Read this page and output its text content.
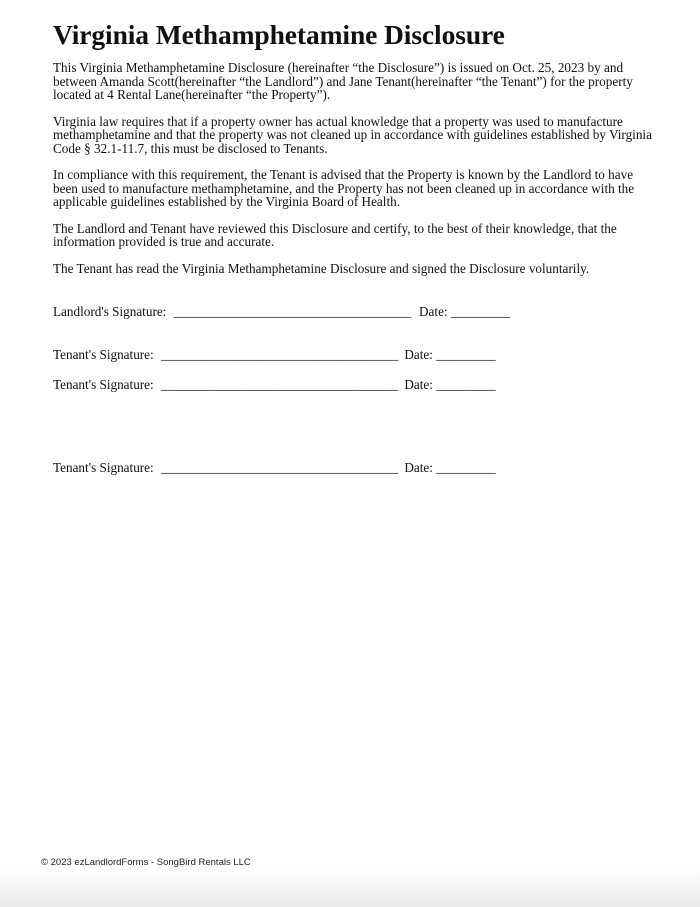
Virginia Methamphetamine Disclosure

This Virginia Methamphetamine Disclosure (hereinafter “the Disclosure”) is issued on Oct. 25, 2023 by and between Amanda Scott(hereinafter “the Landlord”) and Jane Tenant(hereinafter “the Tenant”) for the property located at 4 Rental Lane(hereinafter “the Property”).

Virginia law requires that if a property owner has actual knowledge that a property was used to manufacture methamphetamine and that the property was not cleaned up in accordance with guidelines established by Virginia Code § 32.1-11.7, this must be disclosed to Tenants.

In compliance with this requirement, the Tenant is advised that the Property is known by the Landlord to have been used to manufacture methamphetamine, and the Property has not been cleaned up in accordance with the applicable guidelines established by the Virginia Board of Health.

The Landlord and Tenant have reviewed this Disclosure and certify, to the best of their knowledge, that the information provided is true and accurate.

The Tenant has read the Virginia Methamphetamine Disclosure and signed the Disclosure voluntarily.

Landlord's Signature: ____________________________________ Date: _________
Tenant's Signature: ____________________________________ Date: _________
Tenant's Signature: ____________________________________ Date: _________
Tenant's Signature: ____________________________________ Date: _________
© 2023 ezLandlordForms - SongBird Rentals LLC
